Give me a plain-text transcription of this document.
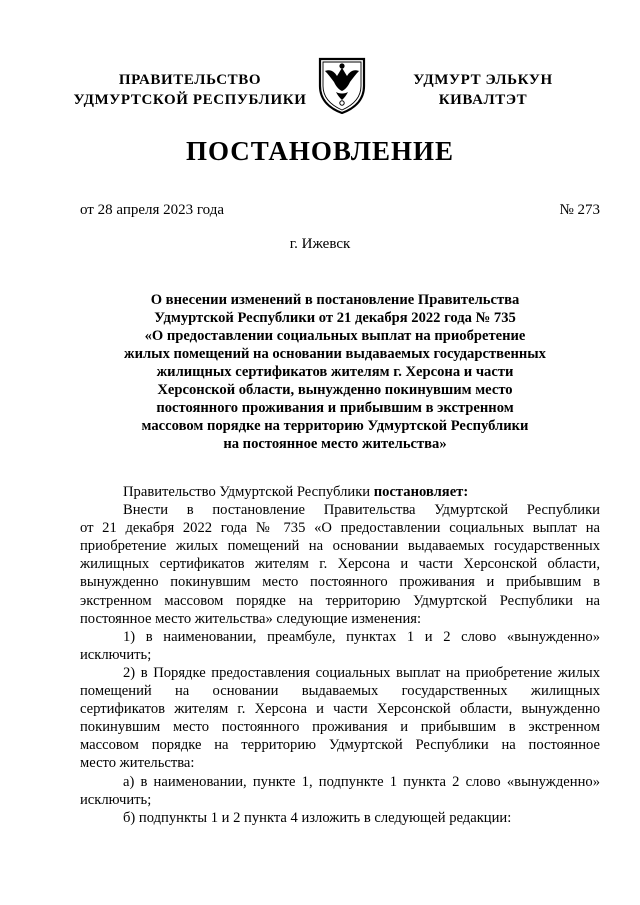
ПРАВИТЕЛЬСТВО
УДМУРТСКОЙ РЕСПУБЛИКИ
УДМУРТ ЭЛЬКУН
КИВАЛТЭТ
ПОСТАНОВЛЕНИЕ
от 28 апреля 2023 года	№ 273
г. Ижевск
О внесении изменений в постановление Правительства
Удмуртской Республики от 21 декабря 2022 года № 735
«О предоставлении социальных выплат на приобретение
жилых помещений на основании выдаваемых государственных
жилищных сертификатов жителям г. Херсона и части
Херсонской области, вынужденно покинувшим место
постоянного проживания и прибывшим в экстренном
массовом порядке на территорию Удмуртской Республики
на постоянное место жительства»
Правительство Удмуртской Республики постановляет:
Внести в постановление Правительства Удмуртской Республики
от 21 декабря 2022 года № 735 «О предоставлении социальных выплат на
приобретение жилых помещений на основании выдаваемых государственных
жилищных сертификатов жителям г. Херсона и части Херсонской области,
вынужденно покинувшим место постоянного проживания и прибывшим в
экстренном массовом порядке на территорию Удмуртской Республики на
постоянное место жительства» следующие изменения:
1) в наименовании, преамбуле, пунктах 1 и 2 слово «вынужденно»
исключить;
2) в Порядке предоставления социальных выплат на приобретение жилых
помещений на основании выдаваемых государственных жилищных
сертификатов жителям г. Херсона и части Херсонской области, вынужденно
покинувшим место постоянного проживания и прибывшим в экстренном
массовом порядке на территорию Удмуртской Республики на постоянное
место жительства:
а) в наименовании, пункте 1, подпункте 1 пункта 2 слово «вынужденно»
исключить;
б) подпункты 1 и 2 пункта 4 изложить в следующей редакции:
